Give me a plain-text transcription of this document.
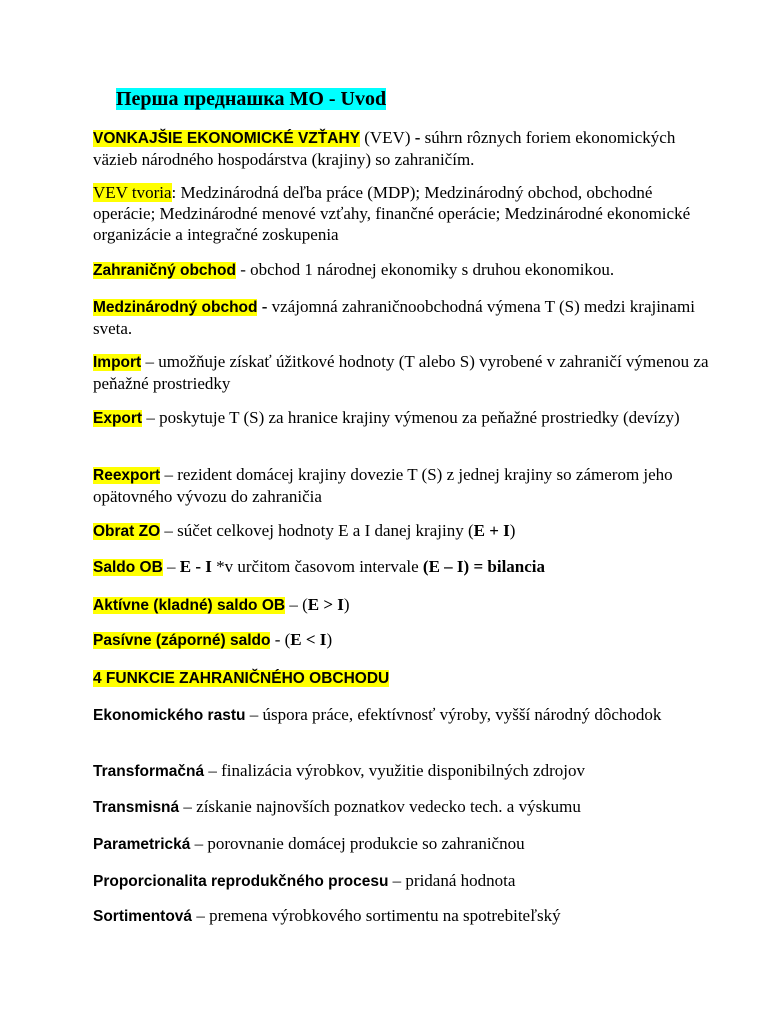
Перша преднашка MO - Uvod

VONKAJŠIE EKONOMICKÉ VZŤAHY (VEV) - súhrn rôznych foriem ekonomických väzieb národného hospodárstva (krajiny) so zahraničím.

VEV tvoria: Medzinárodná deľba práce (MDP); Medzinárodný obchod, obchodné operácie; Medzinárodné menové vzťahy, finančné operácie; Medzinárodné ekonomické organizácie a integračné zoskupenia

Zahraničný obchod - obchod 1 národnej ekonomiky s druhou ekonomikou.

Medzinárodný obchod - vzájomná zahraničnoobchodná výmena T (S) medzi krajinami sveta.

Import – umožňuje získať úžitkové hodnoty (T alebo S) vyrobené v zahraničí výmenou za peňažné prostriedky

Export – poskytuje T (S) za hranice krajiny výmenou za peňažné prostriedky (devízy)

Reexport – rezident domácej krajiny dovezie T (S) z jednej krajiny so zámerom jeho opätovného vývozu do zahraničia

Obrat ZO – súčet celkovej hodnoty E a I danej krajiny (E + I)

Saldo OB – E - I *v určitom časovom intervale (E – I) = bilancia

Aktívne (kladné) saldo OB – (E > I)

Pasívne (záporné) saldo - (E < I)

4 FUNKCIE ZAHRANIČNÉHO OBCHODU

Ekonomického rastu – úspora práce, efektívnosť výroby, vyšší národný dôchodok

Transformačná – finalizácia výrobkov, využitie disponibilných zdrojov

Transmisná – získanie najnovších poznatkov vedecko tech. a výskumu

Parametrická – porovnanie domácej produkcie so zahraničnou

Proporcionalita reprodukčného procesu – pridaná hodnota

Sortimentová – premena výrobkového sortimentu na spotrebiteľský
